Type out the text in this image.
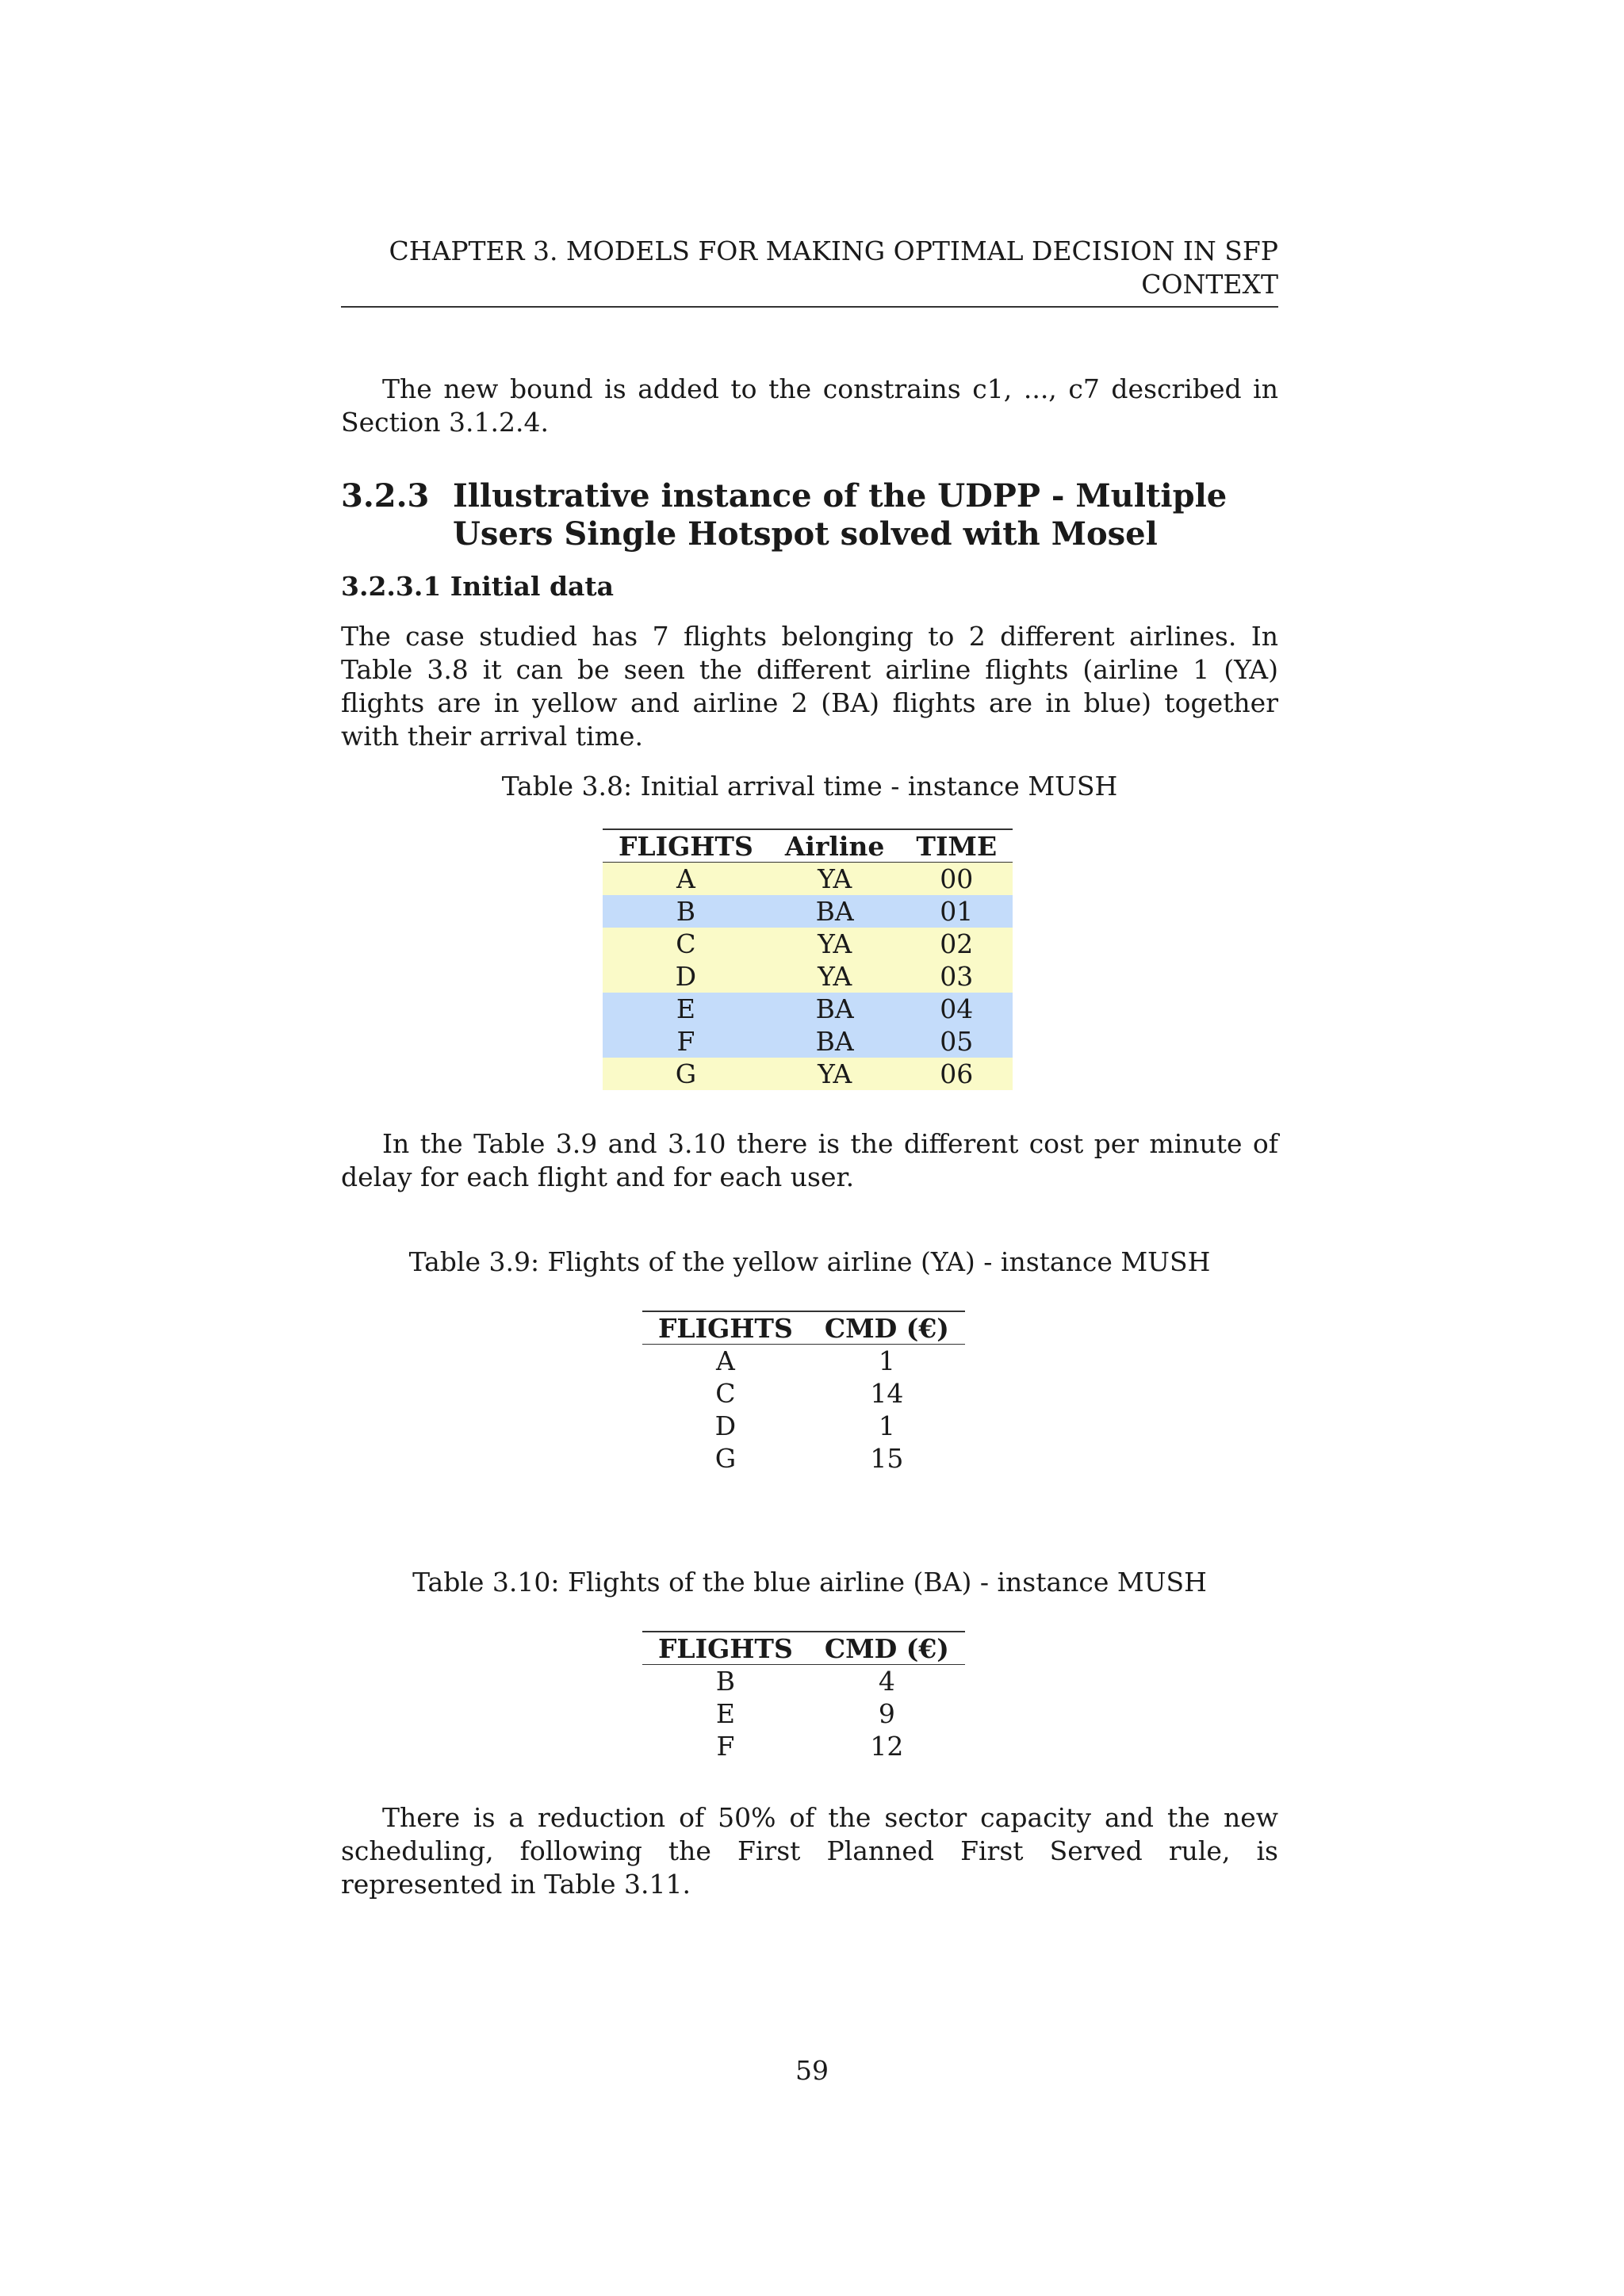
CHAPTER 3. MODELS FOR MAKING OPTIMAL DECISION IN SFP
CONTEXT
The new bound is added to the constrains c1, ..., c7 described in Section 3.1.2.4.
3.2.3 Illustrative instance of the UDPP - Multiple Users Single Hotspot solved with Mosel
3.2.3.1 Initial data
The case studied has 7 flights belonging to 2 different airlines. In Table 3.8 it can be seen the different airline flights (airline 1 (YA) flights are in yellow and airline 2 (BA) flights are in blue) together with their arrival time.
Table 3.8: Initial arrival time - instance MUSH
FLIGHTS	Airline	TIME
A	YA	00
B	BA	01
C	YA	02
D	YA	03
E	BA	04
F	BA	05
G	YA	06
In the Table 3.9 and 3.10 there is the different cost per minute of delay for each flight and for each user.
Table 3.9: Flights of the yellow airline (YA) - instance MUSH
FLIGHTS	CMD (€)
A	1
C	14
D	1
G	15
Table 3.10: Flights of the blue airline (BA) - instance MUSH
FLIGHTS	CMD (€)
B	4
E	9
F	12
There is a reduction of 50% of the sector capacity and the new scheduling, following the First Planned First Served rule, is represented in Table 3.11.
59
